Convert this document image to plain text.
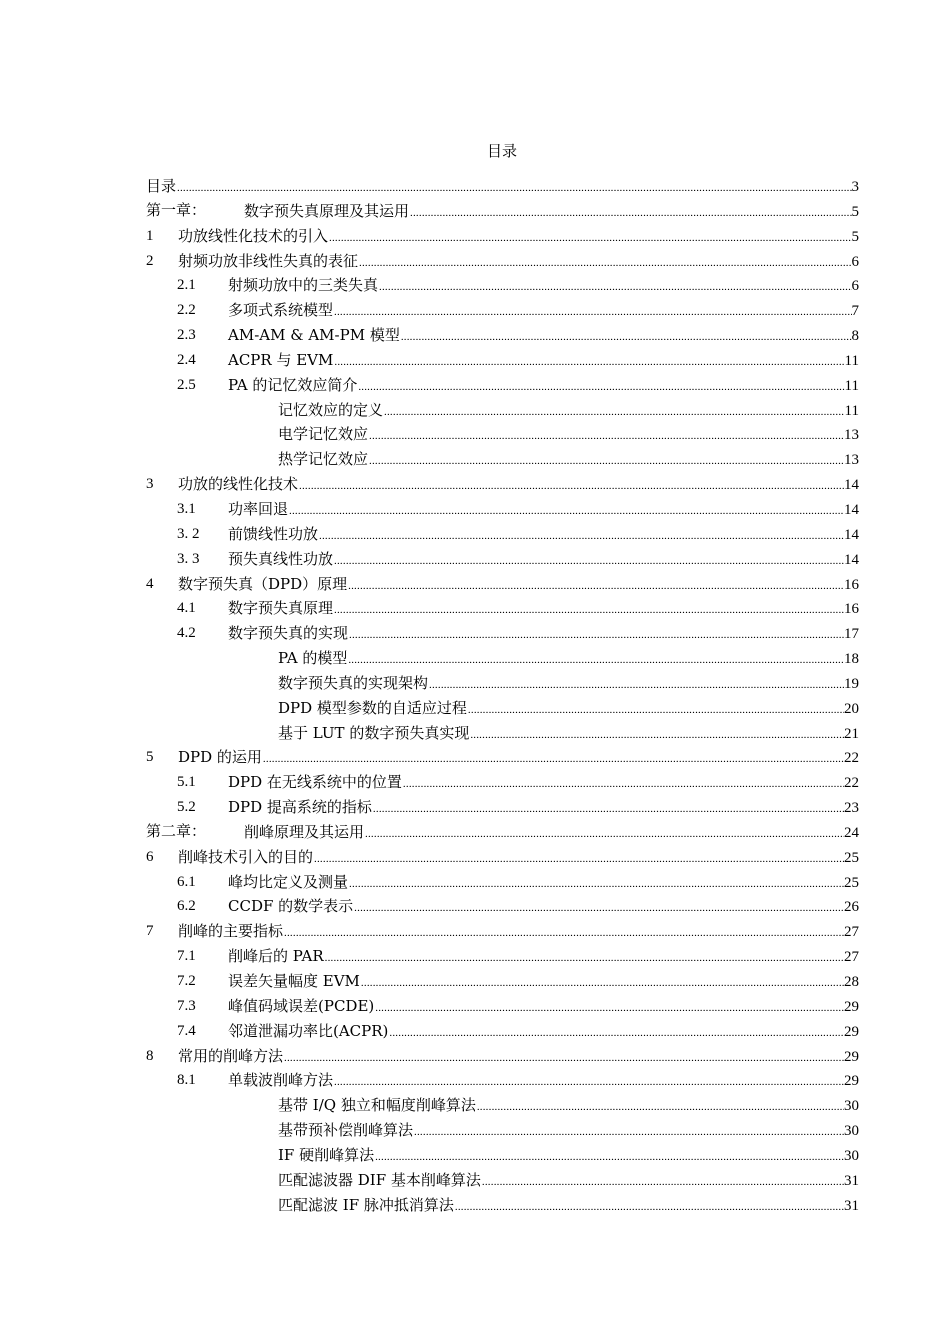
目录
目录 .....	3
第一章：	数字预失真原理及其运用 .....	5
1 功放线性化技术的引入 .....	5
2 射频功放非线性失真的表征 .....	6
2.1 射频功放中的三类失真 .....	6
2.2 多项式系统模型 .....	7
2.3 AM-AM & AM-PM 模型 .....	8
2.4 ACPR 与 EVM .....	11
2.5 PA 的记忆效应简介 .....	11
记忆效应的定义 .....	11
电学记忆效应 .....	13
热学记忆效应 .....	13
3 功放的线性化技术 .....	14
3.1 功率回退 .....	14
3. 2 前馈线性功放 .....	14
3. 3 预失真线性功放 .....	14
4 数字预失真（DPD）原理 .....	16
4.1 数字预失真原理 .....	16
4.2 数字预失真的实现 .....	17
PA 的模型 .....	18
数字预失真的实现架构 .....	19
DPD 模型参数的自适应过程 .....	20
基于 LUT 的数字预失真实现 .....	21
5 DPD 的运用 .....	22
5.1 DPD 在无线系统中的位置 .....	22
5.2 DPD 提高系统的指标 .....	23
第二章：	削峰原理及其运用 .....	24
6 削峰技术引入的目的 .....	25
6.1 峰均比定义及测量 .....	25
6.2 CCDF 的数学表示 .....	26
7 削峰的主要指标 .....	27
7.1 削峰后的 PAR .....	27
7.2 误差矢量幅度 EVM .....	28
7.3 峰值码域误差(PCDE) .....	29
7.4 邻道泄漏功率比(ACPR) .....	29
8 常用的削峰方法 .....	29
8.1 单载波削峰方法 .....	29
基带 I/Q 独立和幅度削峰算法 .....	30
基带预补偿削峰算法 .....	30
IF 硬削峰算法 .....	30
匹配滤波器 DIF 基本削峰算法 .....	31
匹配滤波 IF 脉冲抵消算法 .....	31
